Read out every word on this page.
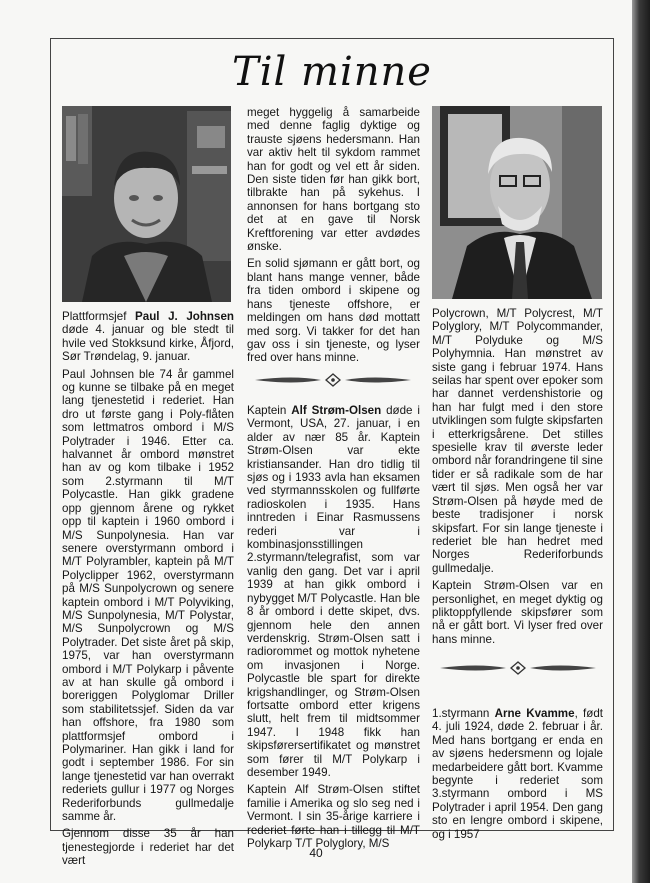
Til minne

Plattformsjef Paul J. Johnsen døde 4. januar og ble stedt til hvile ved Stokksund kirke, Åfjord, Sør Trøndelag, 9. januar.

Paul Johnsen ble 74 år gammel og kunne se tilbake på en meget lang tjenestetid i rederiet. Han dro ut første gang i Poly-flåten som lettmatros ombord i M/S Polytrader i 1946. Etter ca. halvannet år ombord mønstret han av og kom tilbake i 1952 som 2.styrmann til M/T Polycastle. Han gikk gradene opp gjennom årene og rykket opp til kaptein i 1960 ombord i M/S Sunpolynesia. Han var senere overstyrmann ombord i M/T Polyrambler, kaptein på M/T Polyclipper 1962, overstyrmann på M/S Sunpolycrown og senere kaptein ombord i M/T Polyviking, M/S Sunpolynesia, M/T Polystar, M/S Sunpolycrown og M/S Polytrader. Det siste året på skip, 1975, var han overstyrmann ombord i M/T Polykarp i påvente av at han skulle gå ombord i boreriggen Polyglomar Driller som stabilitetssjef. Siden da var han offshore, fra 1980 som plattformsjef ombord i Polymariner. Han gikk i land for godt i september 1986. For sin lange tjenestetid var han overrakt rederiets gullur i 1977 og Norges Rederiforbunds gullmedalje samme år.

Gjennom disse 35 år han tjenestegjorde i rederiet har det vært

meget hyggelig å samarbeide med denne faglig dyktige og trauste sjøens hedersmann. Han var aktiv helt til sykdom rammet han for godt og vel ett år siden. Den siste tiden før han gikk bort, tilbrakte han på sykehus. I annonsen for hans bortgang sto det at en gave til Norsk Kreftforening var etter avdødes ønske.

En solid sjømann er gått bort, og blant hans mange venner, både fra tiden ombord i skipene og hans tjeneste offshore, er meldingen om hans død mottatt med sorg. Vi takker for det han gav oss i sin tjeneste, og lyser fred over hans minne.

Kaptein Alf Strøm-Olsen døde i Vermont, USA, 27. januar, i en alder av nær 85 år. Kaptein Strøm-Olsen var ekte kristiansander. Han dro tidlig til sjøs og i 1933 avla han eksamen ved styrmannsskolen og fullførte radioskolen i 1935. Hans inntreden i Einar Rasmussens rederi var i kombinasjonsstillingen 2.styrmann/telegrafist, som var vanlig den gang. Det var i april 1939 at han gikk ombord i nybygget M/T Polycastle. Han ble 8 år ombord i dette skipet, dvs. gjennom hele den annen verdenskrig. Strøm-Olsen satt i radiorommet og mottok nyhetene om invasjonen i Norge. Polycastle ble spart for direkte krigshandlinger, og Strøm-Olsen fortsatte ombord etter krigens slutt, helt frem til midtsommer 1947. I 1948 fikk han skipsførersertifikatet og mønstret som fører til M/T Polykarp i desember 1949.

Kaptein Alf Strøm-Olsen stiftet familie i Amerika og slo seg ned i Vermont. I sin 35-årige karriere i rederiet førte han i tillegg til M/T Polykarp T/T Polyglory, M/S

Polycrown, M/T Polycrest, M/T Polyglory, M/T Polycommander, M/T Polyduke og M/S Polyhymnia. Han mønstret av siste gang i februar 1974. Hans seilas har spent over epoker som har dannet verdenshistorie og han har fulgt med i den store utviklingen som fulgte skipsfarten i etterkrigsårene. Det stilles spesielle krav til øverste leder ombord når forandringene til sine tider er så radikale som de har vært til sjøs. Men også her var Strøm-Olsen på høyde med de beste tradisjoner i norsk skipsfart. For sin lange tjeneste i rederiet ble han hedret med Norges Rederiforbunds gullmedalje.

Kaptein Strøm-Olsen var en personlighet, en meget dyktig og pliktoppfyllende skipsfører som nå er gått bort. Vi lyser fred over hans minne.

1.styrmann Arne Kvamme, født 4. juli 1924, døde 2. februar i år. Med hans bortgang er enda en av sjøens hedersmenn og lojale medarbeidere gått bort. Kvamme begynte i rederiet som 3.styrmann ombord i MS Polytrader i april 1954. Den gang sto en lengre ombord i skipene, og i 1957

40
